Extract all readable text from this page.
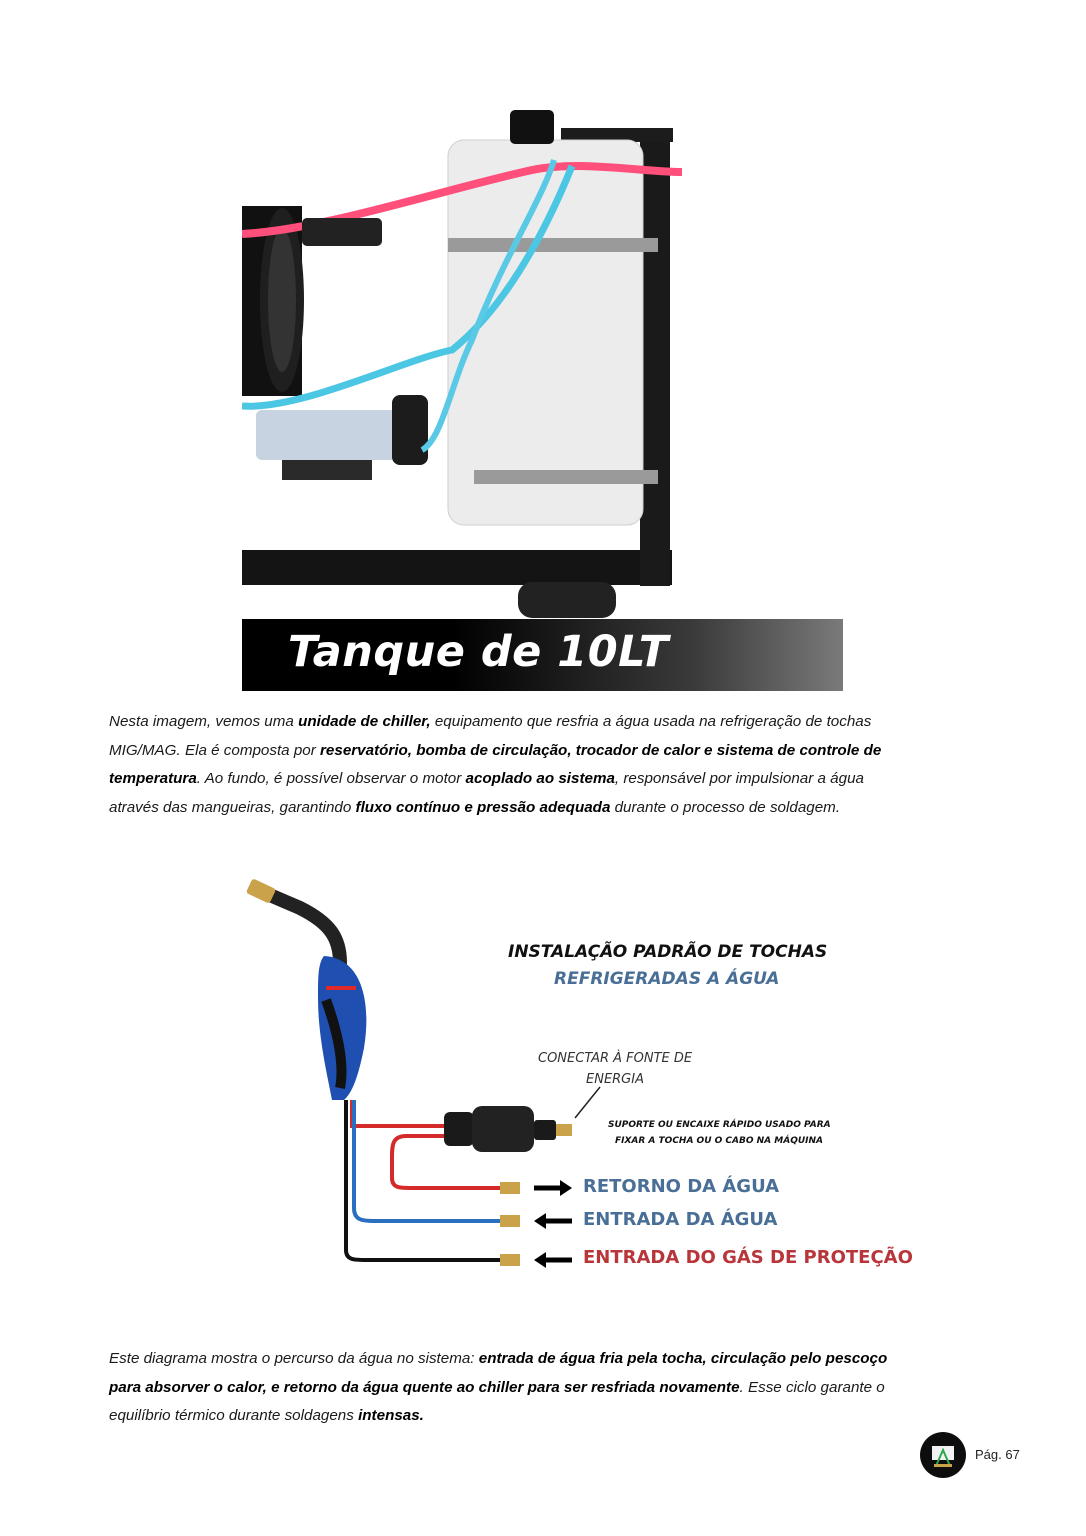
Tanque de 10LT
Nesta imagem, vemos uma unidade de chiller, equipamento que resfria a água usada na refrigeração de tochas
MIG/MAG. Ela é composta por reservatório, bomba de circulação, trocador de calor e sistema de controle de
temperatura. Ao fundo, é possível observar o motor acoplado ao sistema, responsável por impulsionar a água
através das mangueiras, garantindo fluxo contínuo e pressão adequada durante o processo de soldagem.
INSTALAÇÃO PADRÃO DE TOCHAS
REFRIGERADAS A ÁGUA
CONECTAR À FONTE DE
ENERGIA
SUPORTE OU ENCAIXE RÁPIDO USADO PARA
FIXAR A TOCHA OU O CABO NA MÁQUINA
RETORNO DA ÁGUA
ENTRADA DA ÁGUA
ENTRADA DO GÁS DE PROTEÇÃO
Este diagrama mostra o percurso da água no sistema: entrada de água fria pela tocha, circulação pelo pescoço
para absorver o calor, e retorno da água quente ao chiller para ser resfriada novamente. Esse ciclo garante o
equilíbrio térmico durante soldagens intensas.
Pág. 67
